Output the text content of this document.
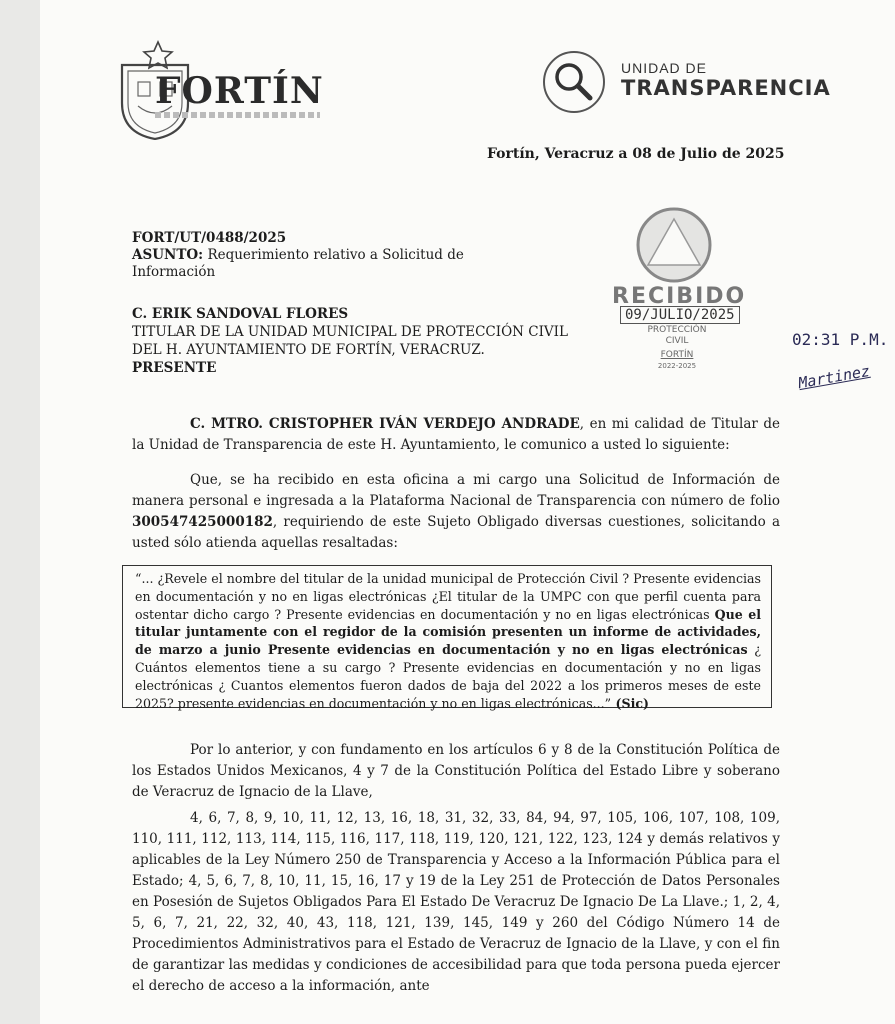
FORTÍN
UNIDAD DE
TRANSPARENCIA
Fortín, Veracruz a 08 de Julio de 2025
FORT/UT/0488/2025
ASUNTO: Requerimiento relativo a Solicitud de
Información
C. ERIK SANDOVAL FLORES
TITULAR DE LA UNIDAD MUNICIPAL DE PROTECCIÓN CIVIL
DEL H. AYUNTAMIENTO DE FORTÍN, VERACRUZ.
PRESENTE
RECIBIDO
09/JULIO/2025
PROTECCIÓN
CIVIL
FORTÍN
2022-2025
02:31 P.M.
Martinez

C. MTRO. CRISTOPHER IVÁN VERDEJO ANDRADE, en mi calidad de Titular de la Unidad de Transparencia de este H. Ayuntamiento, le comunico a usted lo siguiente:

Que, se ha recibido en esta oficina a mi cargo una Solicitud de Información de manera personal e ingresada a la Plataforma Nacional de Transparencia con número de folio 300547425000182, requiriendo de este Sujeto Obligado diversas cuestiones, solicitando a usted sólo atienda aquellas resaltadas:

“... ¿Revele el nombre del titular de la unidad municipal de Protección Civil ? Presente evidencias en documentación y no en ligas electrónicas ¿El titular de la UMPC con que perfil cuenta para ostentar dicho cargo ? Presente evidencias en documentación y no en ligas electrónicas Que el titular juntamente con el regidor de la comisión presenten un informe de actividades, de marzo a junio Presente evidencias en documentación y no en ligas electrónicas ¿ Cuántos elementos tiene a su cargo ? Presente evidencias en documentación y no en ligas electrónicas ¿ Cuantos elementos fueron dados de baja del 2022 a los primeros meses de este 2025? presente evidencias en documentación y no en ligas electrónicas...” (Sic)

Por lo anterior, y con fundamento en los artículos 6 y 8 de la Constitución Política de los Estados Unidos Mexicanos, 4 y 7 de la Constitución Política del Estado Libre y soberano de Veracruz de Ignacio de la Llave,

4, 6, 7, 8, 9, 10, 11, 12, 13, 16, 18, 31, 32, 33, 84, 94, 97, 105, 106, 107, 108, 109, 110, 111, 112, 113, 114, 115, 116, 117, 118, 119, 120, 121, 122, 123, 124 y demás relativos y aplicables de la Ley Número 250 de Transparencia y Acceso a la Información Pública para el Estado; 4, 5, 6, 7, 8, 10, 11, 15, 16, 17 y 19 de la Ley 251 de Protección de Datos Personales en Posesión de Sujetos Obligados Para El Estado De Veracruz De Ignacio De La Llave.; 1, 2, 4, 5, 6, 7, 21, 22, 32, 40, 43, 118, 121, 139, 145, 149 y 260 del Código Número 14 de Procedimientos Administrativos para el Estado de Veracruz de Ignacio de la Llave, y con el fin de garantizar las medidas y condiciones de accesibilidad para que toda persona pueda ejercer el derecho de acceso a la información, ante
